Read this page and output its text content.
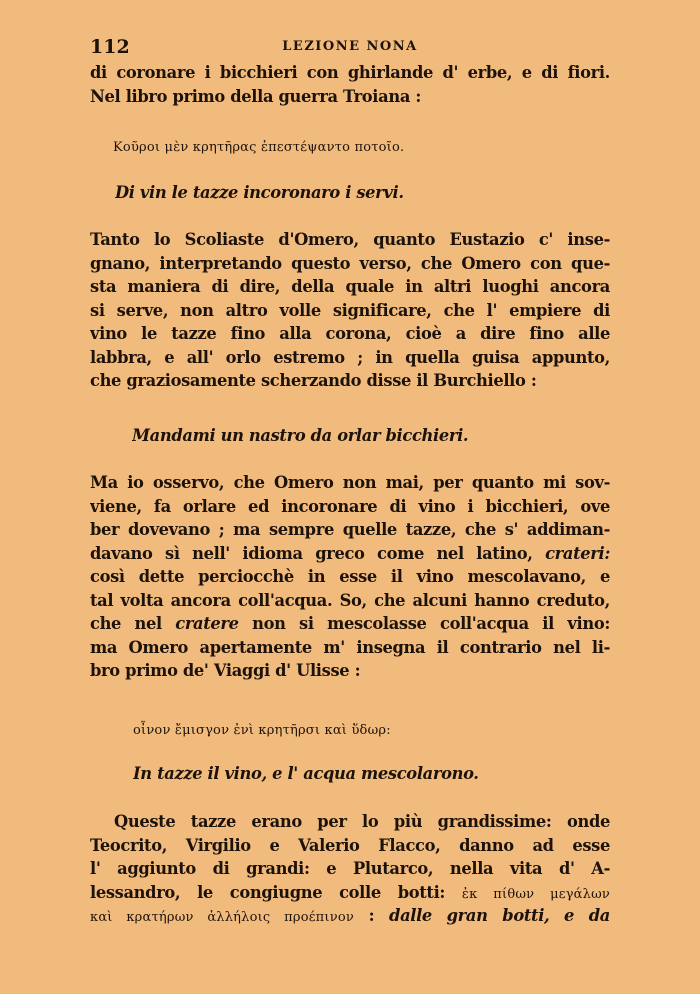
112	LEZIONE NONA
di coronare i bicchieri con ghirlande d' erbe, e di fiori.
Nel libro primo della guerra Troiana :
Κοῦροι μὲν κρητῆρας ἐπεστέψαντο ποτοῖο.
Di vin le tazze incoronaro i servi.
Tanto lo Scoliaste d'Omero, quanto Eustazio c' inse-
gnano, interpretando questo verso, che Omero con que-
sta maniera di dire, della quale in altri luoghi ancora
si serve, non altro volle significare, che l' empiere di
vino le tazze fino alla corona, cioè a dire fino alle
labbra, e all' orlo estremo ; in quella guisa appunto,
che graziosamente scherzando disse il Burchiello :
Mandami un nastro da orlar bicchieri.
Ma io osservo, che Omero non mai, per quanto mi sov-
viene, fa orlare ed incoronare di vino i bicchieri, ove
ber dovevano ; ma sempre quelle tazze, che s' addiman-
davano sì nell' idioma greco come nel latino, crateri:
così dette perciocchè in esse il vino mescolavano, e
tal volta ancora coll'acqua. So, che alcuni hanno creduto,
che nel cratere non si mescolasse coll'acqua il vino:
ma Omero apertamente m' insegna il contrario nel li-
bro primo de' Viaggi d' Ulisse :
οἶνον ἔμισγον ἐνὶ κρητῆρσι καὶ ὕδωρ:
In tazze il vino, e l' acqua mescolarono.
Queste tazze erano per lo più grandissime: onde
Teocrito, Virgilio e Valerio Flacco, danno ad esse
l' aggiunto di grandi: e Plutarco, nella vita d' A-
lessandro, le congiugne colle botti: ἐκ πίθων μεγάλων
καὶ κρατήρων ἀλλήλοις προέπινον : dalle gran botti, e da
